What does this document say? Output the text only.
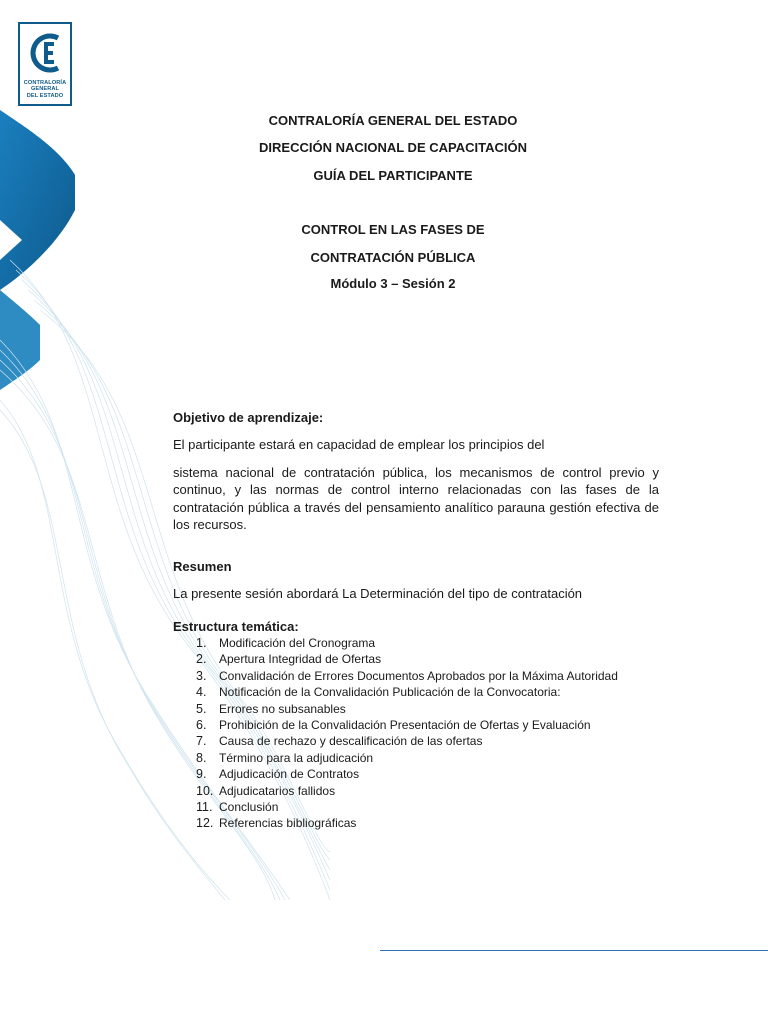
CONTRALORÍA
GENERAL
DEL ESTADO
CONTRALORÍA GENERAL DEL ESTADO
DIRECCIÓN NACIONAL DE CAPACITACIÓN
GUÍA DEL PARTICIPANTE
CONTROL EN LAS FASES DE
CONTRATACIÓN PÚBLICA
Módulo 3 – Sesión 2
Objetivo de aprendizaje:
El participante estará en capacidad de emplear los principios del
sistema nacional de contratación pública, los mecanismos de control previo y continuo, y las normas de control interno relacionadas con las fases de la contratación pública a través del pensamiento analítico parauna gestión efectiva de los recursos.
Resumen
La presente sesión abordará La Determinación del tipo de contratación
Estructura temática:
1. Modificación del Cronograma
2. Apertura Integridad de Ofertas
3. Convalidación de Errores Documentos Aprobados por la Máxima Autoridad
4. Notificación de la Convalidación Publicación de la Convocatoria:
5. Errores no subsanables
6. Prohibición de la Convalidación Presentación de Ofertas y Evaluación
7. Causa de rechazo y descalificación de las ofertas
8. Término para la adjudicación
9. Adjudicación de Contratos
10. Adjudicatarios fallidos
11. Conclusión
12. Referencias bibliográficas
